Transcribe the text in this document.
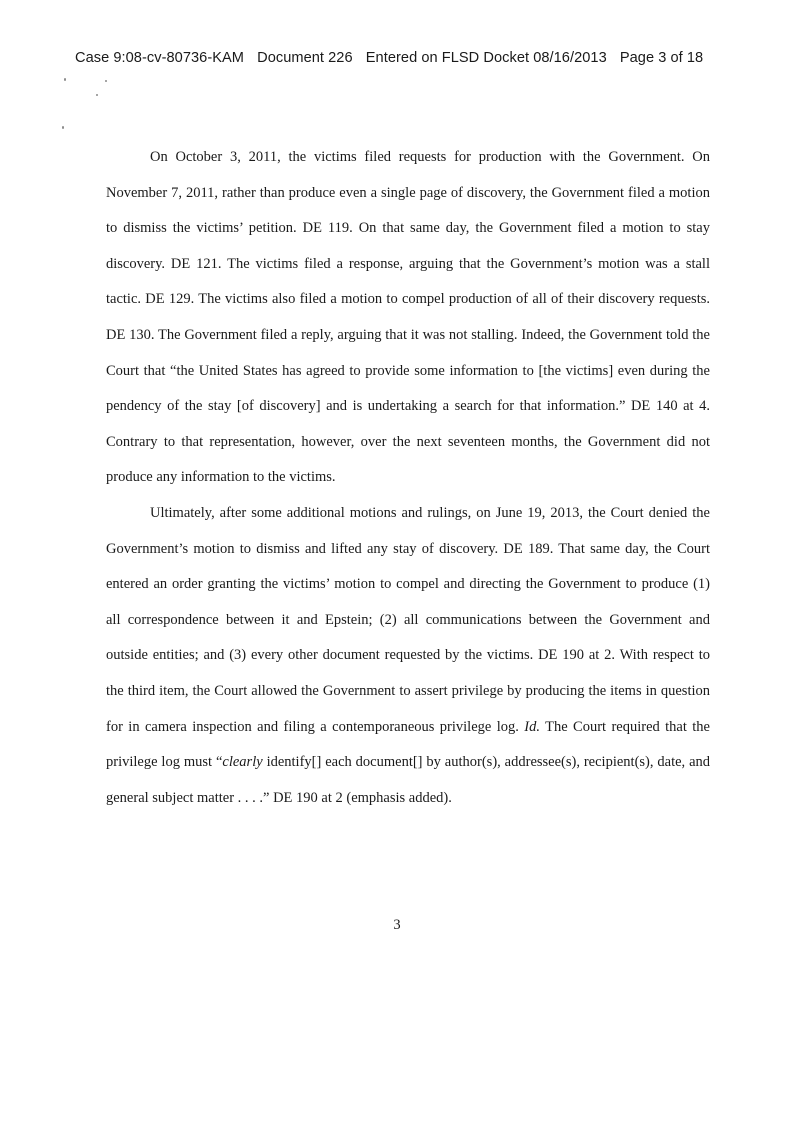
Case 9:08-cv-80736-KAM Document 226 Entered on FLSD Docket 08/16/2013 Page 3 of 18

On October 3, 2011, the victims filed requests for production with the Government. On November 7, 2011, rather than produce even a single page of discovery, the Government filed a motion to dismiss the victims’ petition. DE 119. On that same day, the Government filed a motion to stay discovery. DE 121. The victims filed a response, arguing that the Government’s motion was a stall tactic. DE 129. The victims also filed a motion to compel production of all of their discovery requests. DE 130. The Government filed a reply, arguing that it was not stalling. Indeed, the Government told the Court that “the United States has agreed to provide some information to [the victims] even during the pendency of the stay [of discovery] and is undertaking a search for that information.” DE 140 at 4. Contrary to that representation, however, over the next seventeen months, the Government did not produce any information to the victims.

Ultimately, after some additional motions and rulings, on June 19, 2013, the Court denied the Government’s motion to dismiss and lifted any stay of discovery. DE 189. That same day, the Court entered an order granting the victims’ motion to compel and directing the Government to produce (1) all correspondence between it and Epstein; (2) all communications between the Government and outside entities; and (3) every other document requested by the victims. DE 190 at 2. With respect to the third item, the Court allowed the Government to assert privilege by producing the items in question for in camera inspection and filing a contemporaneous privilege log. Id. The Court required that the privilege log must “clearly identify[] each document[] by author(s), addressee(s), recipient(s), date, and general subject matter . . . .” DE 190 at 2 (emphasis added).

3
